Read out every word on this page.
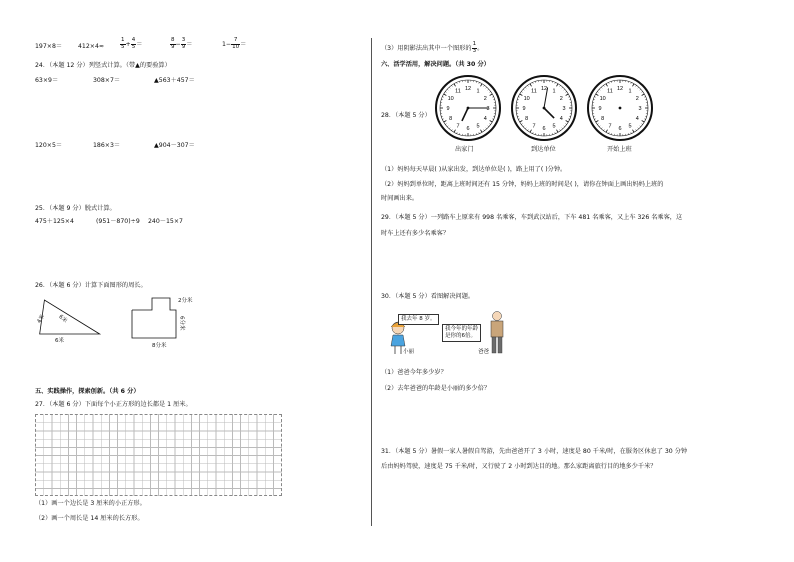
197×8＝	412×4≈	$\frac{1}{5} + \frac{4}{5}$ ＝	$\frac{8}{9} - \frac{3}{9}$ ＝	$1- \frac{7}{10}$ ＝
24．（本题 12 分）列竖式计算。（带▲的要验算）
63×9＝	308×7＝	▲563＋457＝
120×5＝	186×3＝	▲904－307＝
25．（本题 9 分）脱式计算。
475＋125×4	(951－870)÷9 240－15×7
26．（本题 6 分）计算下面图形的周长。
4米 6米
6米
2分米
6分米
8分米
五、实践操作，探索创新。（共 6 分）
27．（本题 6 分）下面每个小正方形的边长都是 1 厘米。
（1）画一个边长是 3 厘米的小正方形。
（2）画一个周长是 14 厘米的长方形。
（3）用阴影法出其中一个图形的 $\frac{1}{3}$ 。
六、活学活用，解决问题。（共 30 分）
28．（本题 5 分）
1
2
3
4
5
6
7
8
9
10
11 12	1
2
3
4
5
6
7
8
9
10
11 12	1
2
3
4
5
6
7
8
9
10
11 12
出家门	到达单位	开始上班
（1）妈妈每天早晨( )从家出发，到达单位是( )，路上用了( )分钟。
（2）妈妈到单位时，距离上班时间还有 15 分钟，妈妈上班的时间是( )，请你在钟面上画出妈妈上班的
时间画出来。
29．（本题 5 分）一列路车上原来有 998 名乘客，车到武汉站后，下车 481 名乘客，又上车 326 名乘客，这
时车上还有多少名乘客？
30．（本题 5 分）看图解决问题。
我去年 8 岁。
小丽
我今年的年龄
是你的6倍。
爸爸
（1）爸爸今年多少岁？
（2）去年爸爸的年龄是小丽的多少倍？
31．（本题 5 分）暑假一家人暑假自驾游，先由爸爸开了 3 小时，速度是 80 千米/时，在服务区休息了 30 分钟
后由妈妈驾驶，速度是 75 千米/时，又行驶了 2 小时到达目的地。那么家距离旅行目的地多少千米？
